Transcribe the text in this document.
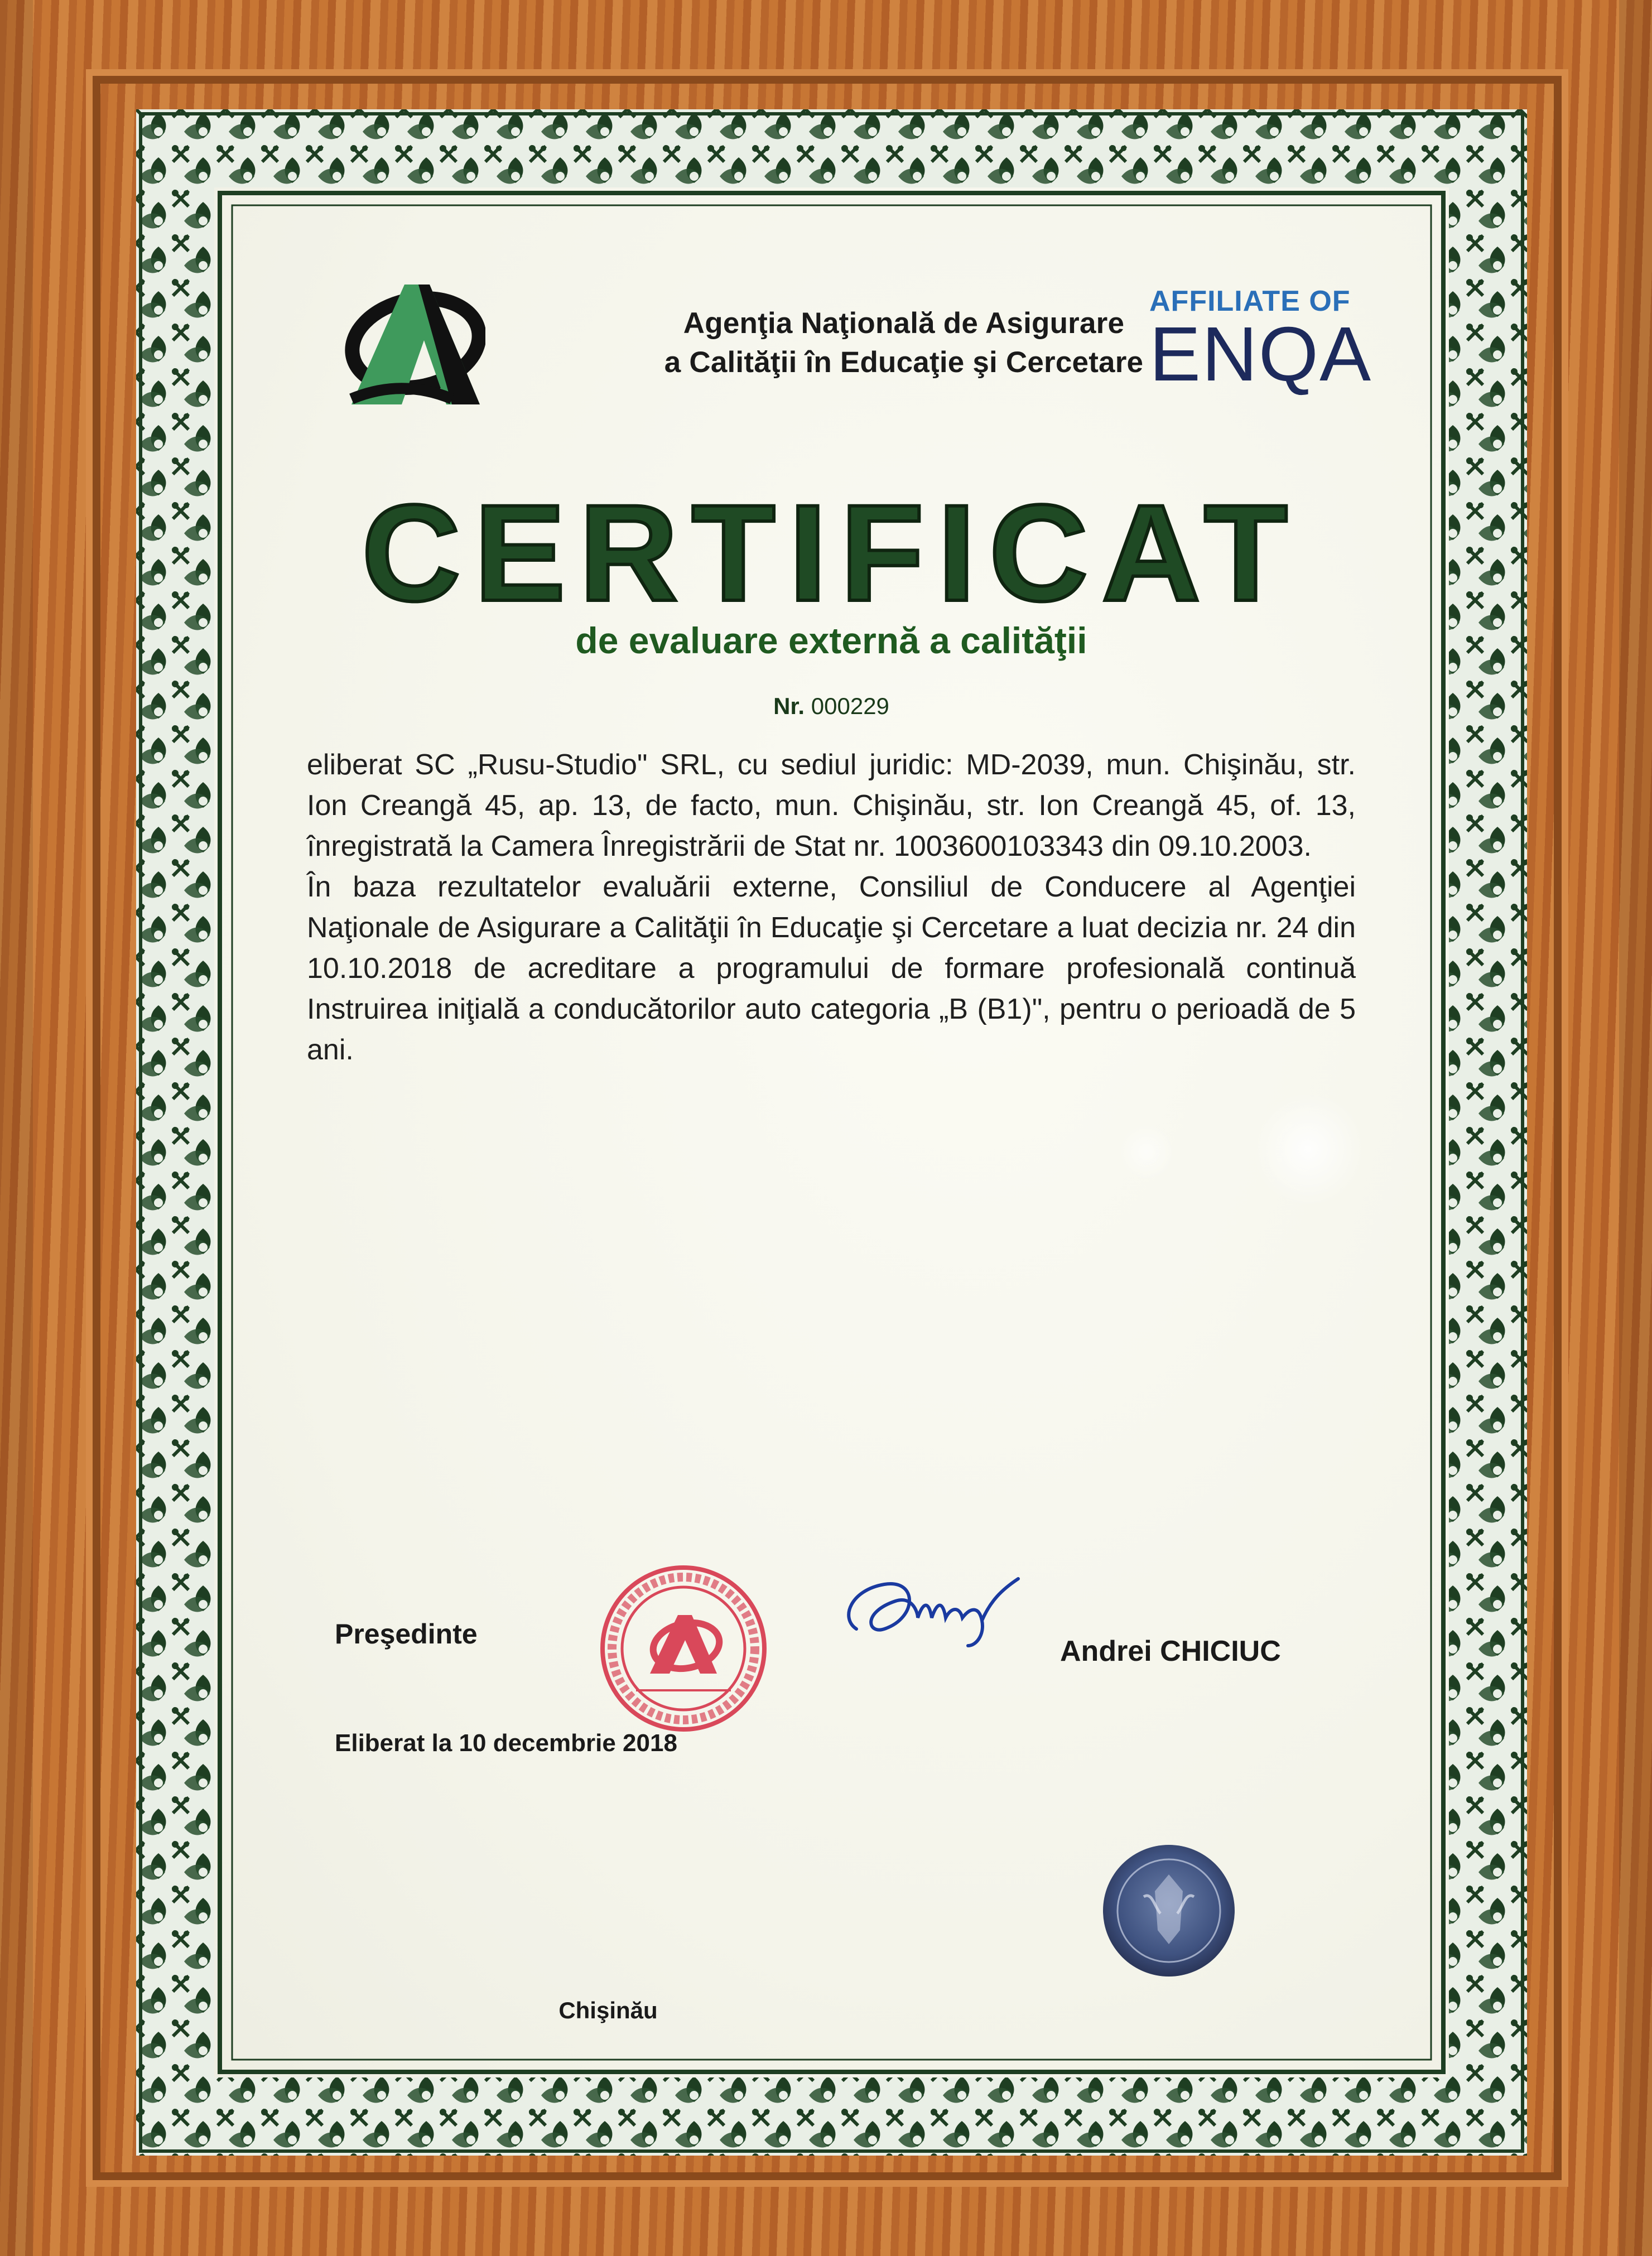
Agenţia Naţională de Asigurare
a Calităţii în Educaţie şi Cercetare
AFFILIATE OF
ENQA
CERTIFICAT
de evaluare externă a calităţii
Nr. 000229

eliberat SC „Rusu-Studio" SRL, cu sediul juridic: MD-2039, mun. Chişinău, str. Ion Creangă 45, ap. 13, de facto, mun. Chişinău, str. Ion Creangă 45, of. 13, înregistrată la Camera Înregistrării de Stat nr. 1003600103343 din 09.10.2003.

În baza rezultatelor evaluării externe, Consiliul de Conducere al Agenţiei Naţionale de Asigurare a Calităţii în Educaţie şi Cercetare a luat decizia nr. 24 din 10.10.2018 de acreditare a programului de formare profesională continuă Instruirea iniţială a conducătorilor auto categoria „B (B1)", pentru o perioadă de 5 ani.

Preşedinte
Andrei CHICIUC
Eliberat la 10 decembrie 2018
Chişinău
